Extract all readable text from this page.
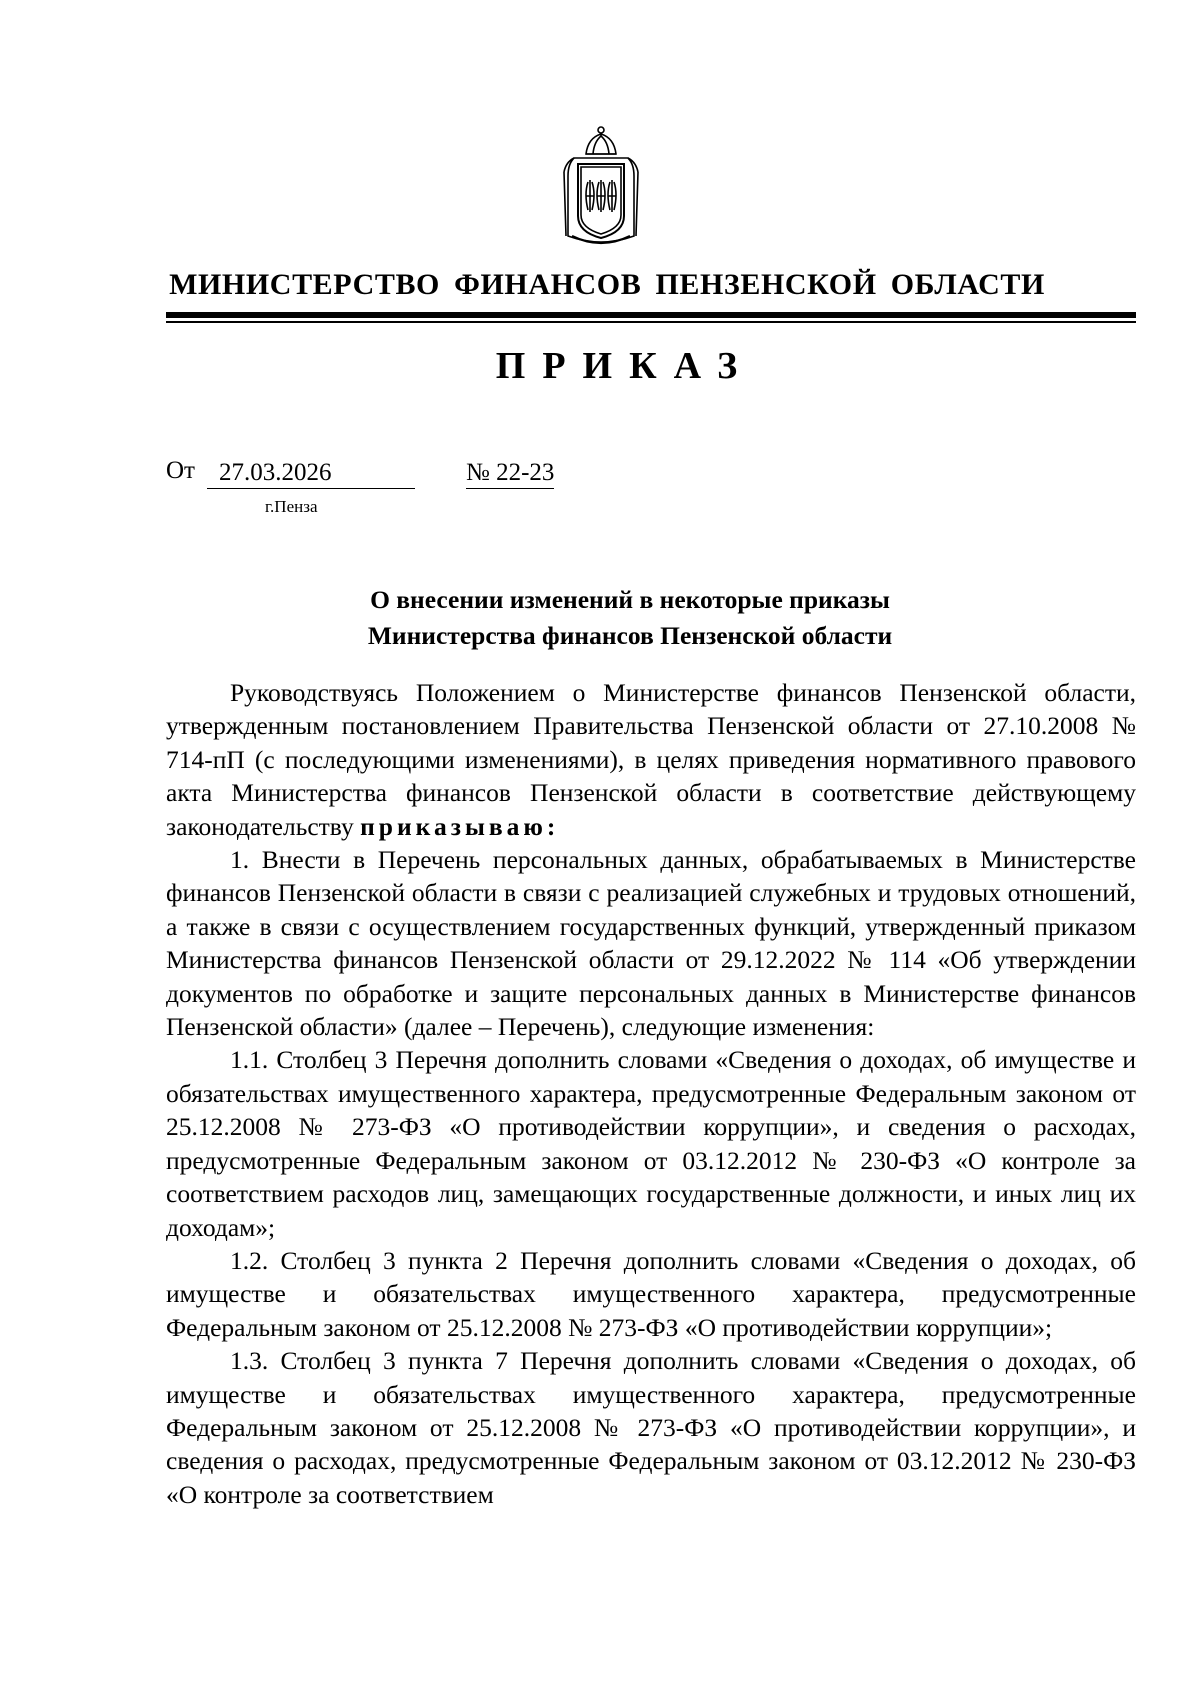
МИНИСТЕРСТВО ФИНАНСОВ ПЕНЗЕНСКОЙ ОБЛАСТИ
ПРИКАЗ
От 27.03.2026	№ 22-23
г.Пенза
О внесении изменений в некоторые приказы
Министерства финансов Пензенской области

Руководствуясь Положением о Министерстве финансов Пензенской области, утвержденным постановлением Правительства Пензенской области от 27.10.2008 № 714-пП (с последующими изменениями), в целях приведения нормативного правового акта Министерства финансов Пензенской области в соответствие действующему законодательству приказываю:

1. Внести в Перечень персональных данных, обрабатываемых в Министерстве финансов Пензенской области в связи с реализацией служебных и трудовых отношений, а также в связи с осуществлением государственных функций, утвержденный приказом Министерства финансов Пензенской области от 29.12.2022 № 114 «Об утверждении документов по обработке и защите персональных данных в Министерстве финансов Пензенской области» (далее – Перечень), следующие изменения:

1.1. Столбец 3 Перечня дополнить словами «Сведения о доходах, об имуществе и обязательствах имущественного характера, предусмотренные Федеральным законом от 25.12.2008 № 273-ФЗ «О противодействии коррупции», и сведения о расходах, предусмотренные Федеральным законом от 03.12.2012 № 230-ФЗ «О контроле за соответствием расходов лиц, замещающих государственные должности, и иных лиц их доходам»;

1.2. Столбец 3 пункта 2 Перечня дополнить словами «Сведения о доходах, об имуществе и обязательствах имущественного характера, предусмотренные Федеральным законом от 25.12.2008 № 273-ФЗ «О противодействии коррупции»;

1.3. Столбец 3 пункта 7 Перечня дополнить словами «Сведения о доходах, об имуществе и обязательствах имущественного характера, предусмотренные Федеральным законом от 25.12.2008 № 273-ФЗ «О противодействии коррупции», и сведения о расходах, предусмотренные Федеральным законом от 03.12.2012 № 230-ФЗ «О контроле за соответствием
